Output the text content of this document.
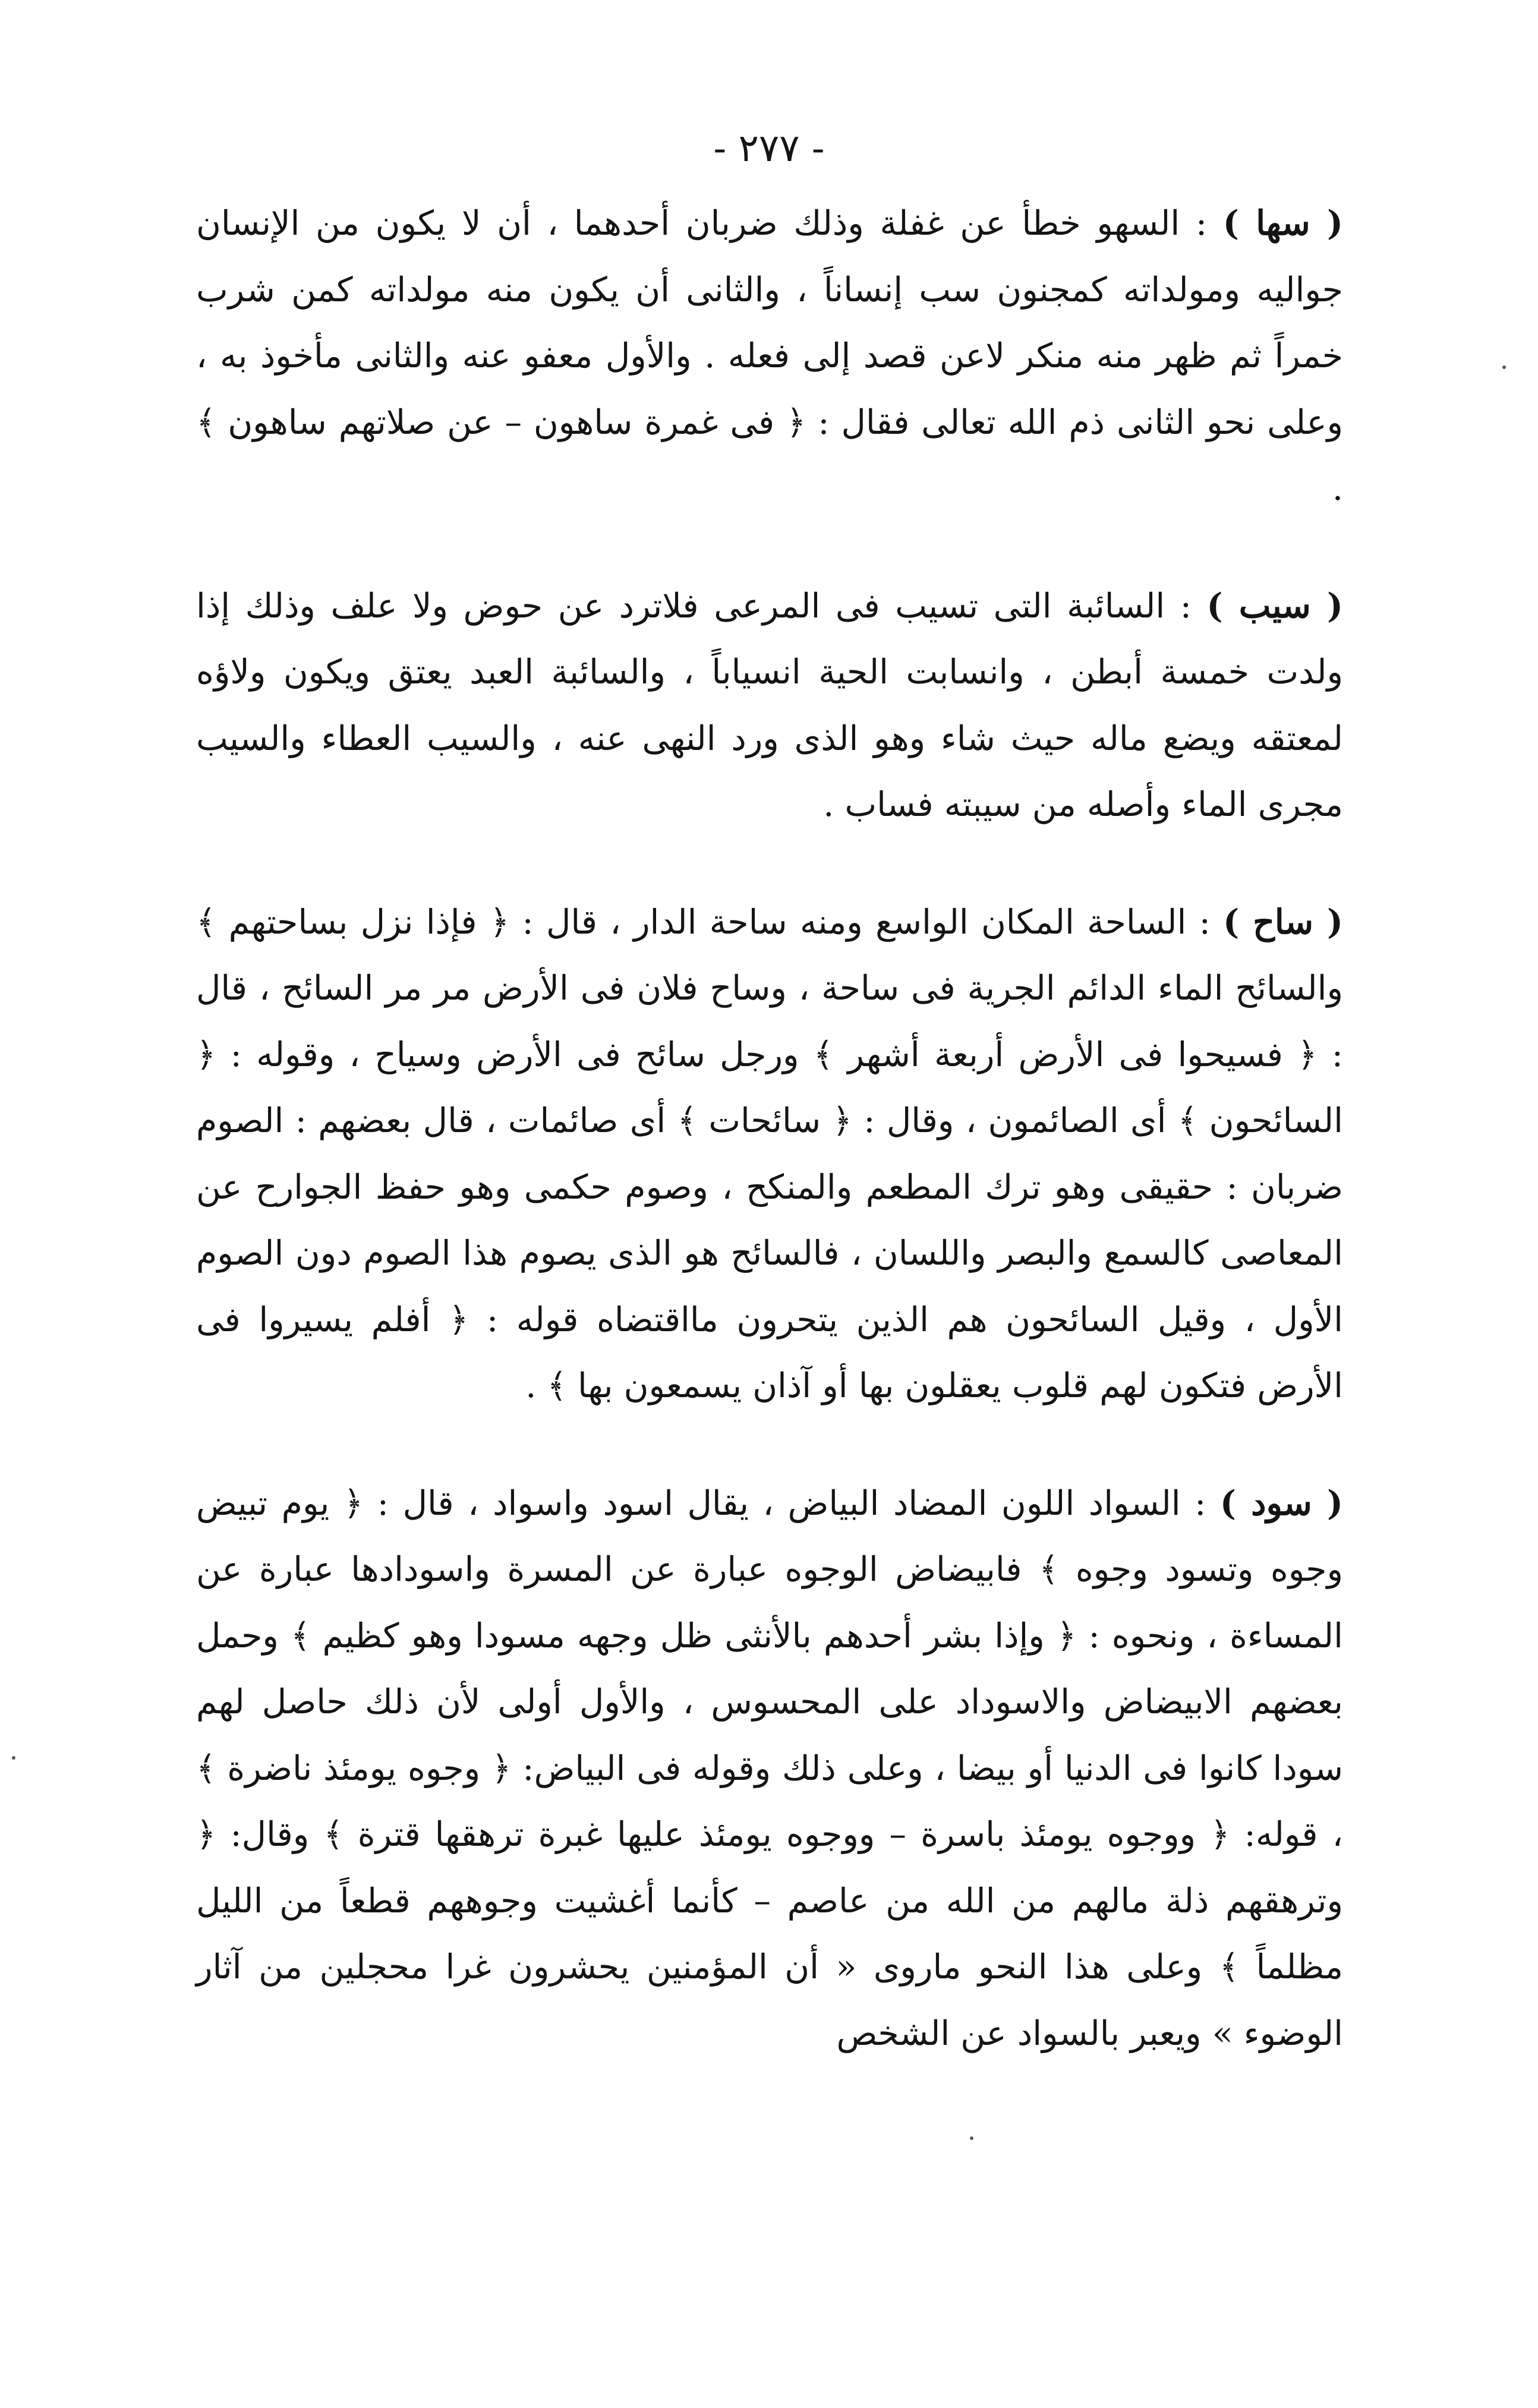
- ٢٧٧ -

( سها ) : السهو خطأ عن غفلة وذلك ضربان أحدهما ، أن لا يكون من الإنسان جواليه ومولداته كمجنون سب إنساناً ، والثانى أن يكون منه مولداته كمن شرب خمراً ثم ظهر منه منكر لاعن قصد إلى فعله . والأول معفو عنه والثانى مأخوذ به ، وعلى نحو الثانى ذم الله تعالى فقال : ﴿ فى غمرة ساهون – عن صلاتهم ساهون ﴾ .

( سيب ) : السائبة التى تسيب فى المرعى فلاترد عن حوض ولا علف وذلك إذا ولدت خمسة أبطن ، وانسابت الحية انسياباً ، والسائبة العبد يعتق ويكون ولاؤه لمعتقه ويضع ماله حيث شاء وهو الذى ورد النهى عنه ، والسيب العطاء والسيب مجرى الماء وأصله من سيبته فساب .

( ساح ) : الساحة المكان الواسع ومنه ساحة الدار ، قال : ﴿ فإذا نزل بساحتهم ﴾ والسائح الماء الدائم الجرية فى ساحة ، وساح فلان فى الأرض مر مر السائح ، قال : ﴿ فسيحوا فى الأرض أربعة أشهر ﴾ ورجل سائح فى الأرض وسياح ، وقوله : ﴿ السائحون ﴾ أى الصائمون ، وقال : ﴿ سائحات ﴾ أى صائمات ، قال بعضهم : الصوم ضربان : حقيقى وهو ترك المطعم والمنكح ، وصوم حكمى وهو حفظ الجوارح عن المعاصى كالسمع والبصر واللسان ، فالسائح هو الذى يصوم هذا الصوم دون الصوم الأول ، وقيل السائحون هم الذين يتحرون مااقتضاه قوله : ﴿ أفلم يسيروا فى الأرض فتكون لهم قلوب يعقلون بها أو آذان يسمعون بها ﴾ .

( سود ) : السواد اللون المضاد البياض ، يقال اسود واسواد ، قال : ﴿ يوم تبيض وجوه وتسود وجوه ﴾ فابيضاض الوجوه عبارة عن المسرة واسودادها عبارة عن المساءة ، ونحوه : ﴿ وإذا بشر أحدهم بالأنثى ظل وجهه مسودا وهو كظيم ﴾ وحمل بعضهم الابيضاض والاسوداد على المحسوس ، والأول أولى لأن ذلك حاصل لهم سودا كانوا فى الدنيا أو بيضا ، وعلى ذلك وقوله فى البياض: ﴿ وجوه يومئذ ناضرة ﴾ ، قوله: ﴿ ووجوه يومئذ باسرة – ووجوه يومئذ عليها غبرة ترهقها قترة ﴾ وقال: ﴿ وترهقهم ذلة مالهم من الله من عاصم – كأنما أغشيت وجوههم قطعاً من الليل مظلماً ﴾ وعلى هذا النحو ماروى « أن المؤمنين يحشرون غرا محجلين من آثار الوضوء » ويعبر بالسواد عن الشخص
